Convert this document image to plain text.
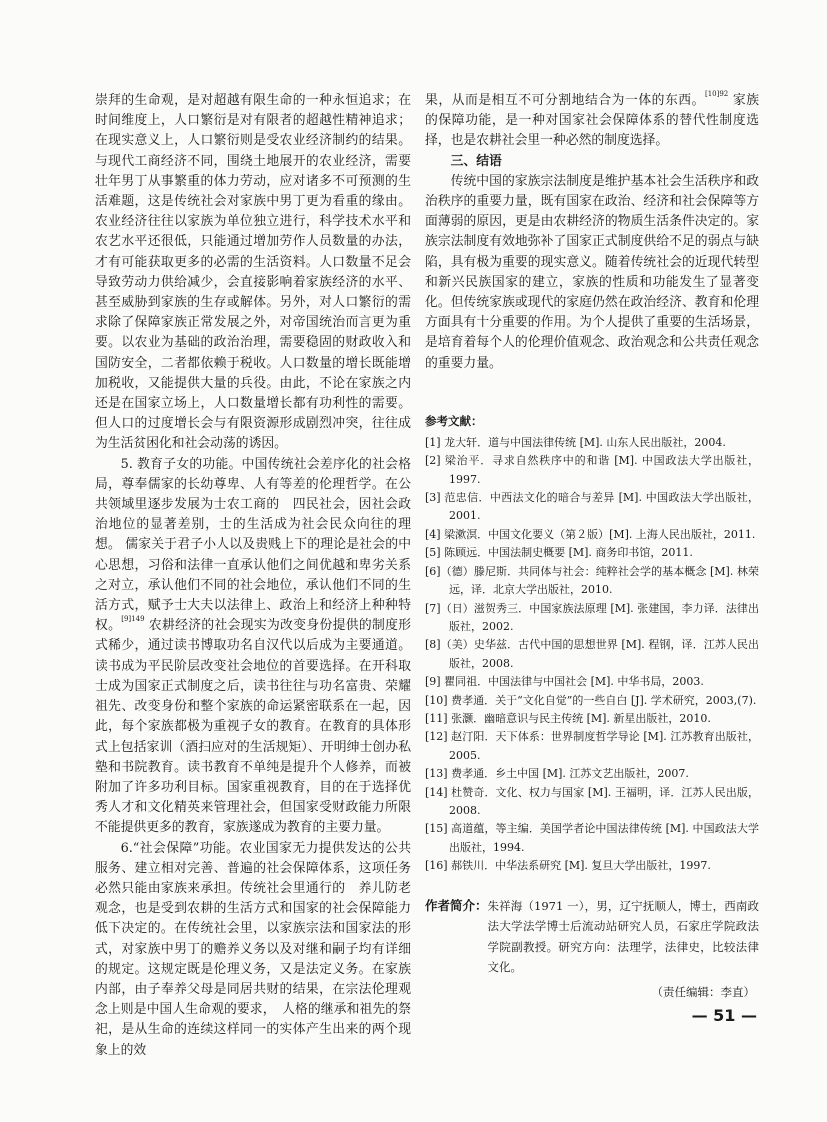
崇拜的生命观，是对超越有限生命的一种永恒追求；在时间维度上，人口繁衍是对有限者的超越性精神追求；在现实意义上，人口繁衍则是受农业经济制约的结果。与现代工商经济不同，围绕土地展开的农业经济，需要壮年男丁从事繁重的体力劳动，应对诸多不可预测的生活难题，这是传统社会对家族中男丁更为看重的缘由。农业经济往往以家族为单位独立进行，科学技术水平和农艺水平还很低，只能通过增加劳作人员数量的办法，才有可能获取更多的必需的生活资料。人口数量不足会导致劳动力供给减少，会直接影响着家族经济的水平、甚至威胁到家族的生存或解体。另外，对人口繁衍的需求除了保障家族正常发展之外，对帝国统治而言更为重要。以农业为基础的政治治理，需要稳固的财政收入和国防安全，二者都依赖于税收。人口数量的增长既能增加税收，又能提供大量的兵役。由此，不论在家族之内还是在国家立场上，人口数量增长都有功利性的需要。但人口的过度增长会与有限资源形成剧烈冲突，往往成为生活贫困化和社会动荡的诱因。

5. 教育子女的功能。中国传统社会差序化的社会格局，尊奉儒家的长幼尊卑、人有等差的伦理哲学。在公共领域里逐步发展为士农工商的　四民社会，因社会政治地位的显著差别，士的生活成为社会民众向往的理想。 儒家关于君子小人以及贵贱上下的理论是社会的中心思想，习俗和法律一直承认他们之间优越和卑劣关系之对立，承认他们不同的社会地位，承认他们不同的生活方式，赋予士大夫以法律上、政治上和经济上种种特权。$^{[9]149}$ 农耕经济的社会现实为改变身份提供的制度形式稀少，通过读书博取功名自汉代以后成为主要通道。读书成为平民阶层改变社会地位的首要选择。在开科取士成为国家正式制度之后，读书往往与功名富贵、荣耀祖先、改变身份和整个家族的命运紧密联系在一起，因此，每个家族都极为重视子女的教育。在教育的具体形式上包括家训（酒扫应对的生活规矩）、开明绅士创办私塾和书院教育。读书教育不单纯是提升个人修养，而被附加了许多功利目标。国家重视教育，目的在于选择优秀人才和文化精英来管理社会，但国家受财政能力所限不能提供更多的教育，家族遂成为教育的主要力量。

6.“社会保障”功能。农业国家无力提供发达的公共服务、建立相对完善、普遍的社会保障体系，这项任务必然只能由家族来承担。传统社会里通行的　养儿防老观念，也是受到农耕的生活方式和国家的社会保障能力低下决定的。在传统社会里，以家族宗法和国家法的形式，对家族中男丁的赡养义务以及对继和嗣子均有详细的规定。这规定既是伦理义务，又是法定义务。在家族内部，由子奉养父母是同居共财的结果，在宗法伦理观念上则是中国人生命观的要求，　人格的继承和祖先的祭祀，是从生命的连续这样同一的实体产生出来的两个现象上的效

果，从而是相互不可分割地结合为一体的东西。$^{[10]92}$ 家族的保障功能，是一种对国家社会保障体系的替代性制度选择，也是农耕社会里一种必然的制度选择。

三、结语

传统中国的家族宗法制度是维护基本社会生活秩序和政治秩序的重要力量，既有国家在政治、经济和社会保障等方面薄弱的原因，更是由农耕经济的物质生活条件决定的。家族宗法制度有效地弥补了国家正式制度供给不足的弱点与缺陷，具有极为重要的现实意义。随着传统社会的近现代转型和新兴民族国家的建立，家族的性质和功能发生了显著变化。但传统家族或现代的家庭仍然在政治经济、教育和伦理方面具有十分重要的作用。为个人提供了重要的生活场景，是培育着每个人的伦理价值观念、政治观念和公共责任观念的重要力量。

参考文献：

[1] 龙大轩．道与中国法律传统 [M]. 山东人民出版社，2004.

[2] 梁治平．寻求自然秩序中的和谐 [M]. 中国政法大学出版社，1997.

[3] 范忠信．中西法文化的暗合与差异 [M]. 中国政法大学出版社，2001.

[4] 梁漱溟．中国文化要义（第２版）[M]. 上海人民出版社，2011.

[5] 陈顾远．中国法制史概要 [M]. 商务印书馆，2011.

[6]（德）滕尼斯．共同体与社会：纯粹社会学的基本概念 [M]. 林荣远，译．北京大学出版社，2010.

[7]（日）滋贺秀三．中国家族法原理 [M]. 张建国，李力译．法律出版社，2002.

[8]（美）史华兹．古代中国的思想世界 [M]. 程钢，译．江苏人民出版社，2008.

[9] 瞿同祖．中国法律与中国社会 [M]. 中华书局，2003.

[10] 费孝通．关于“文化自觉”的一些自白 [J]. 学术研究，2003,(7).

[11] 张灏．幽暗意识与民主传统 [M]. 新星出版社，2010.

[12] 赵汀阳．天下体系：世界制度哲学导论 [M]. 江苏教育出版社，2005.

[13] 费孝通．乡土中国 [M]. 江苏文艺出版社，2007.

[14] 杜赞奇．文化、权力与国家 [M]. 王福明，译．江苏人民出版，2008.

[15] 高道蕴，等主编．美国学者论中国法律传统 [M]. 中国政法大学出版社，1994.

[16] 郝铁川．中华法系研究 [M]. 复旦大学出版社，1997.

作者简介： 朱祥海（1971 一），男，辽宁抚顺人，博士，西南政法大学法学博士后流动站研究人员，石家庄学院政法学院副教授。研究方向：法理学，法律史，比较法律文化。
（责任编辑：李直）
— 51 —
